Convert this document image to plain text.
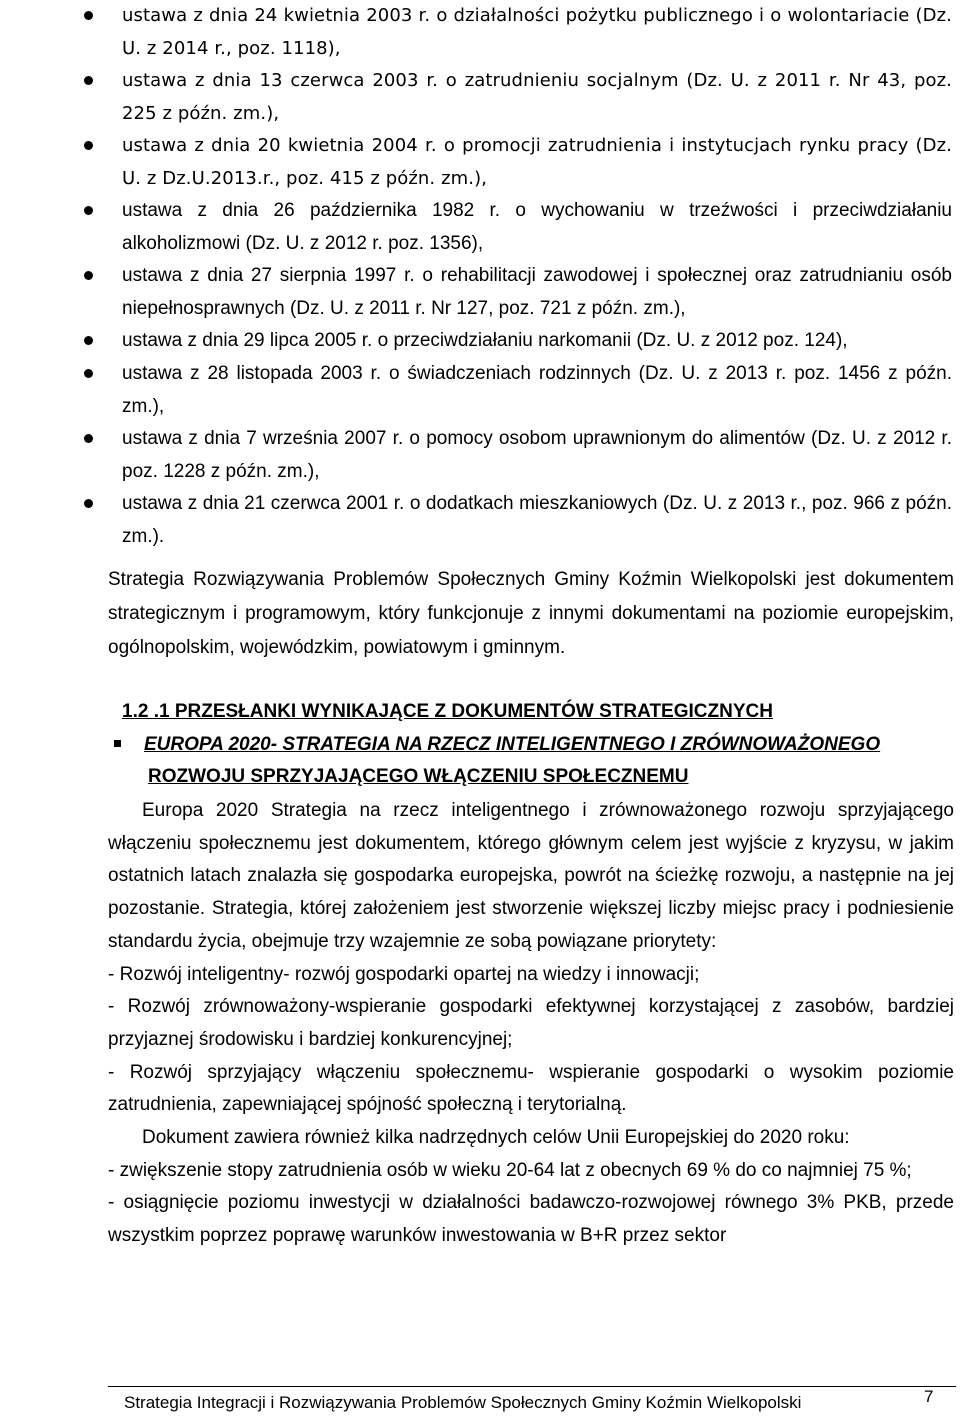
ustawa z dnia 24 kwietnia 2003 r. o działalności pożytku publicznego i o wolontariacie (Dz. U. z 2014 r., poz. 1118),
ustawa z dnia 13 czerwca 2003 r. o zatrudnieniu socjalnym (Dz. U. z 2011 r. Nr 43, poz. 225 z późn. zm.),
ustawa z dnia 20 kwietnia 2004 r. o promocji zatrudnienia i instytucjach rynku pracy (Dz. U. z Dz.U.2013.r., poz. 415 z późn. zm.),
ustawa z dnia 26 października 1982 r. o wychowaniu w trzeźwości i przeciwdziałaniu alkoholizmowi (Dz. U. z 2012 r. poz. 1356),
ustawa z dnia 27 sierpnia 1997 r. o rehabilitacji zawodowej i społecznej oraz zatrudnianiu osób niepełnosprawnych (Dz. U. z 2011 r. Nr 127, poz. 721 z późn. zm.),
ustawa z dnia 29 lipca 2005 r. o przeciwdziałaniu narkomanii (Dz. U. z 2012 poz. 124),
ustawa z 28 listopada 2003 r. o świadczeniach rodzinnych (Dz. U. z 2013 r. poz. 1456 z późn. zm.),
ustawa z dnia 7 września 2007 r. o pomocy osobom uprawnionym do alimentów (Dz. U. z 2012 r. poz. 1228 z późn. zm.),
ustawa z dnia 21 czerwca 2001 r. o dodatkach mieszkaniowych (Dz. U. z 2013 r., poz. 966 z późn. zm.).
Strategia Rozwiązywania Problemów Społecznych Gminy Koźmin Wielkopolski jest dokumentem strategicznym i programowym, który funkcjonuje z innymi dokumentami na poziomie europejskim, ogólnopolskim, wojewódzkim, powiatowym i gminnym.
1.2 .1 PRZESŁANKI WYNIKAJĄCE Z DOKUMENTÓW STRATEGICZNYCH
EUROPA 2020- STRATEGIA NA RZECZ INTELIGENTNEGO I ZRÓWNOWAŻONEGO
ROZWOJU SPRZYJAJĄCEGO WŁĄCZENIU SPOŁECZNEMU

Europa 2020 Strategia na rzecz inteligentnego i zrównoważonego rozwoju sprzyjającego włączeniu społecznemu jest dokumentem, którego głównym celem jest wyjście z kryzysu, w jakim ostatnich latach znalazła się gospodarka europejska, powrót na ścieżkę rozwoju, a następnie na jej pozostanie. Strategia, której założeniem jest stworzenie większej liczby miejsc pracy i podniesienie standardu życia, obejmuje trzy wzajemnie ze sobą powiązane priorytety:

- Rozwój inteligentny- rozwój gospodarki opartej na wiedzy i innowacji;

- Rozwój zrównoważony-wspieranie gospodarki efektywnej korzystającej z zasobów, bardziej przyjaznej środowisku i bardziej konkurencyjnej;

- Rozwój sprzyjający włączeniu społecznemu- wspieranie gospodarki o wysokim poziomie zatrudnienia, zapewniającej spójność społeczną i terytorialną.

Dokument zawiera również kilka nadrzędnych celów Unii Europejskiej do 2020 roku:

- zwiększenie stopy zatrudnienia osób w wieku 20-64 lat z obecnych 69 % do co najmniej 75 %;

- osiągnięcie poziomu inwestycji w działalności badawczo-rozwojowej równego 3% PKB, przede wszystkim poprzez poprawę warunków inwestowania w B+R przez sektor

Strategia Integracji i Rozwiązywania Problemów Społecznych Gminy Koźmin Wielkopolski	7
